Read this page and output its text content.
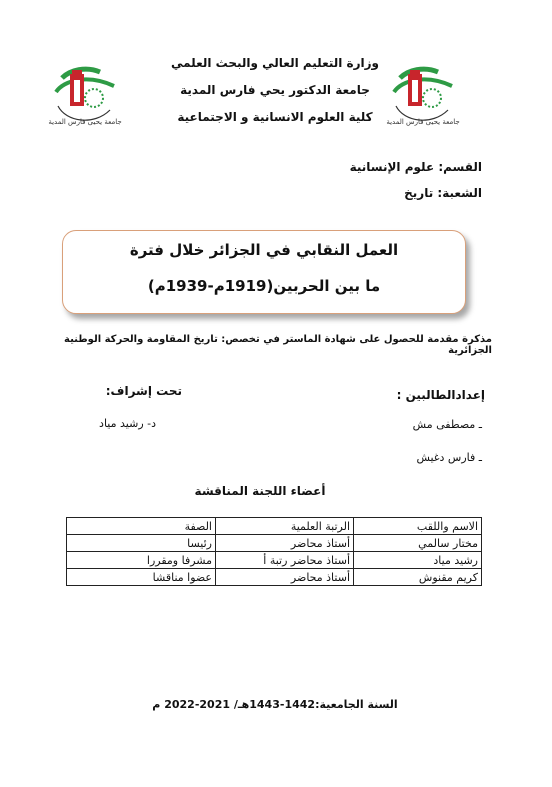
وزارة التعليم العالي والبحث العلمي
جامعة الدكتور يحي فارس المدية
كلية العلوم الانسانية و الاجتماعية
جامعة يحيى فارس المدية	جامعة يحيى فارس المدية
القسم: علوم الإنسانية
الشعبة: تاريخ
العمل النقابي في الجزائر خلال فترة
ما بين الحربين(1919م-1939م)
مذكرة مقدمة للحصول على شهادة الماستر في تخصص: تاريخ المقاومة والحركة الوطنية الجزائرية
إعدادالطالبين :
ـ مصطفى مش
ـ فارس دغيش
تحت إشراف:
د- رشيد مياد
أعضاء اللجنة المناقشة
الاسم واللقب	الرتبة العلمية	الصفة
مختار سالمي	أستاذ محاضر	رئيسا
رشيد مياد	أستاذ محاضر رتبة أ	مشرفا ومقررا
كريم مقنوش	أستاذ محاضر	عضوا مناقشا
السنة الجامعية:1442-1443هـ/ 2021-2022 م
